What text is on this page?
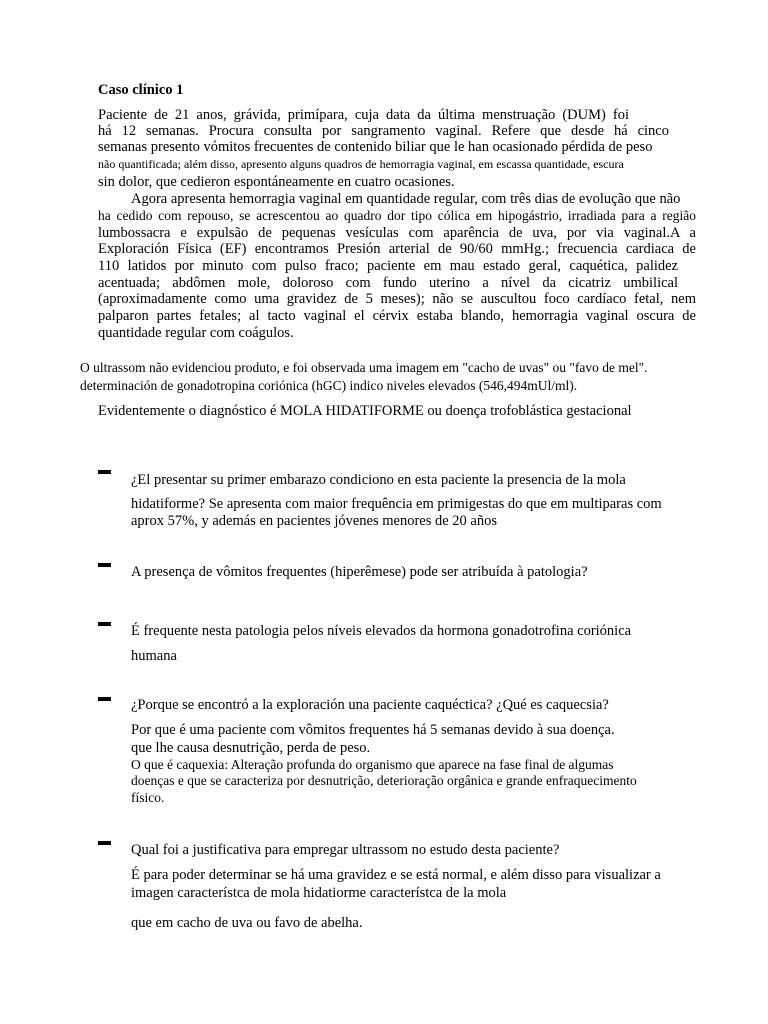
Caso clínico 1
Paciente de 21 anos, grávida, primípara, cuja data da última menstruação (DUM) foi
há 12 semanas. Procura consulta por sangramento vaginal. Refere que desde há cinco
semanas presento vómitos frecuentes de contenido biliar que le han ocasionado pérdida de peso
não quantificada; além disso, apresento alguns quadros de hemorragia vaginal, em escassa quantidade, escura
sin dolor, que cedieron espontáneamente en cuatro ocasiones.
Agora apresenta hemorragia vaginal em quantidade regular, com três dias de evolução que não
ha cedido com repouso, se acrescentou ao quadro dor tipo cólica em hipogástrio, irradiada para a região
lumbossacra e expulsão de pequenas vesículas com aparência de uva, por via vaginal.A a
Exploración Física (EF) encontramos Presión arterial de 90/60 mmHg.; frecuencia cardiaca de
110 latidos por minuto com pulso fraco; paciente em mau estado geral, caquética, palidez
acentuada; abdômen mole, doloroso com fundo uterino a nível da cicatriz umbilical
(aproximadamente como uma gravidez de 5 meses); não se auscultou foco cardíaco fetal, nem
palparon partes fetales; al tacto vaginal el cérvix estaba blando, hemorragia vaginal oscura de
quantidade regular com coágulos.
O ultrassom não evidenciou produto, e foi observada uma imagem em "cacho de uvas" ou "favo de mel".
determinación de gonadotropina coriónica (hGC) indico niveles elevados (546,494mUl/ml).
Evidentemente o diagnóstico é MOLA HIDATIFORME ou doença trofoblástica gestacional
¿El presentar su primer embarazo condiciono en esta paciente la presencia de la mola
hidatiforme? Se apresenta com maior frequência em primigestas do que em multiparas com
aprox 57%, y además en pacientes jóvenes menores de 20 años
A presença de vômitos frequentes (hiperêmese) pode ser atribuída à patologia?
É frequente nesta patologia pelos níveis elevados da hormona gonadotrofina coriónica
humana
¿Porque se encontró a la exploración una paciente caquéctica? ¿Qué es caquecsia?
Por que é uma paciente com vômitos frequentes há 5 semanas devido à sua doença.
que lhe causa desnutrição, perda de peso.
O que é caquexia: Alteração profunda do organismo que aparece na fase final de algumas
doenças e que se caracteriza por desnutrição, deterioração orgânica e grande enfraquecimento
físico.
Qual foi a justificativa para empregar ultrassom no estudo desta paciente?
É para poder determinar se há uma gravidez e se está normal, e além disso para visualizar a
imagen característca de mola hidatiorme característca de la mola
que em cacho de uva ou favo de abelha.
